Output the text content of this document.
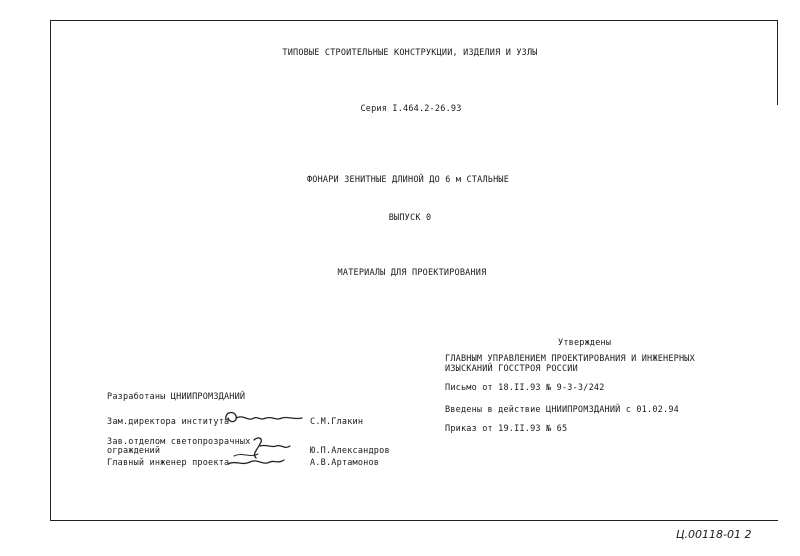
ТИПОВЫЕ СТРОИТЕЛЬНЫЕ КОНСТРУКЦИИ, ИЗДЕЛИЯ И УЗЛЫ
Серия I.464.2-26.93
ФОНАРИ ЗЕНИТНЫЕ ДЛИНОЙ ДО 6 м СТАЛЬНЫЕ
ВЫПУСК 0
МАТЕРИАЛЫ ДЛЯ ПРОЕКТИРОВАНИЯ
Утверждены
ГЛАВНЫМ УПРАВЛЕНИЕМ ПРОЕКТИРОВАНИЯ И ИНЖЕНЕРНЫХ
ИЗЫСКАНИЙ ГОССТРОЯ РОССИИ
Письмо от 18.II.93 № 9-3-3/242
Введены в действие ЦНИИПРОМЗДАНИЙ с 01.02.94
Приказ от 19.II.93 № 65
Разработаны ЦНИИПРОМЗДАНИЙ
Зам.директора института	С.М.Глакин
Зав.отделом светопрозрачных
ограждений	Ю.П.Александров
Главный инженер проекта	А.В.Артамонов
Ц.00118-01 2
